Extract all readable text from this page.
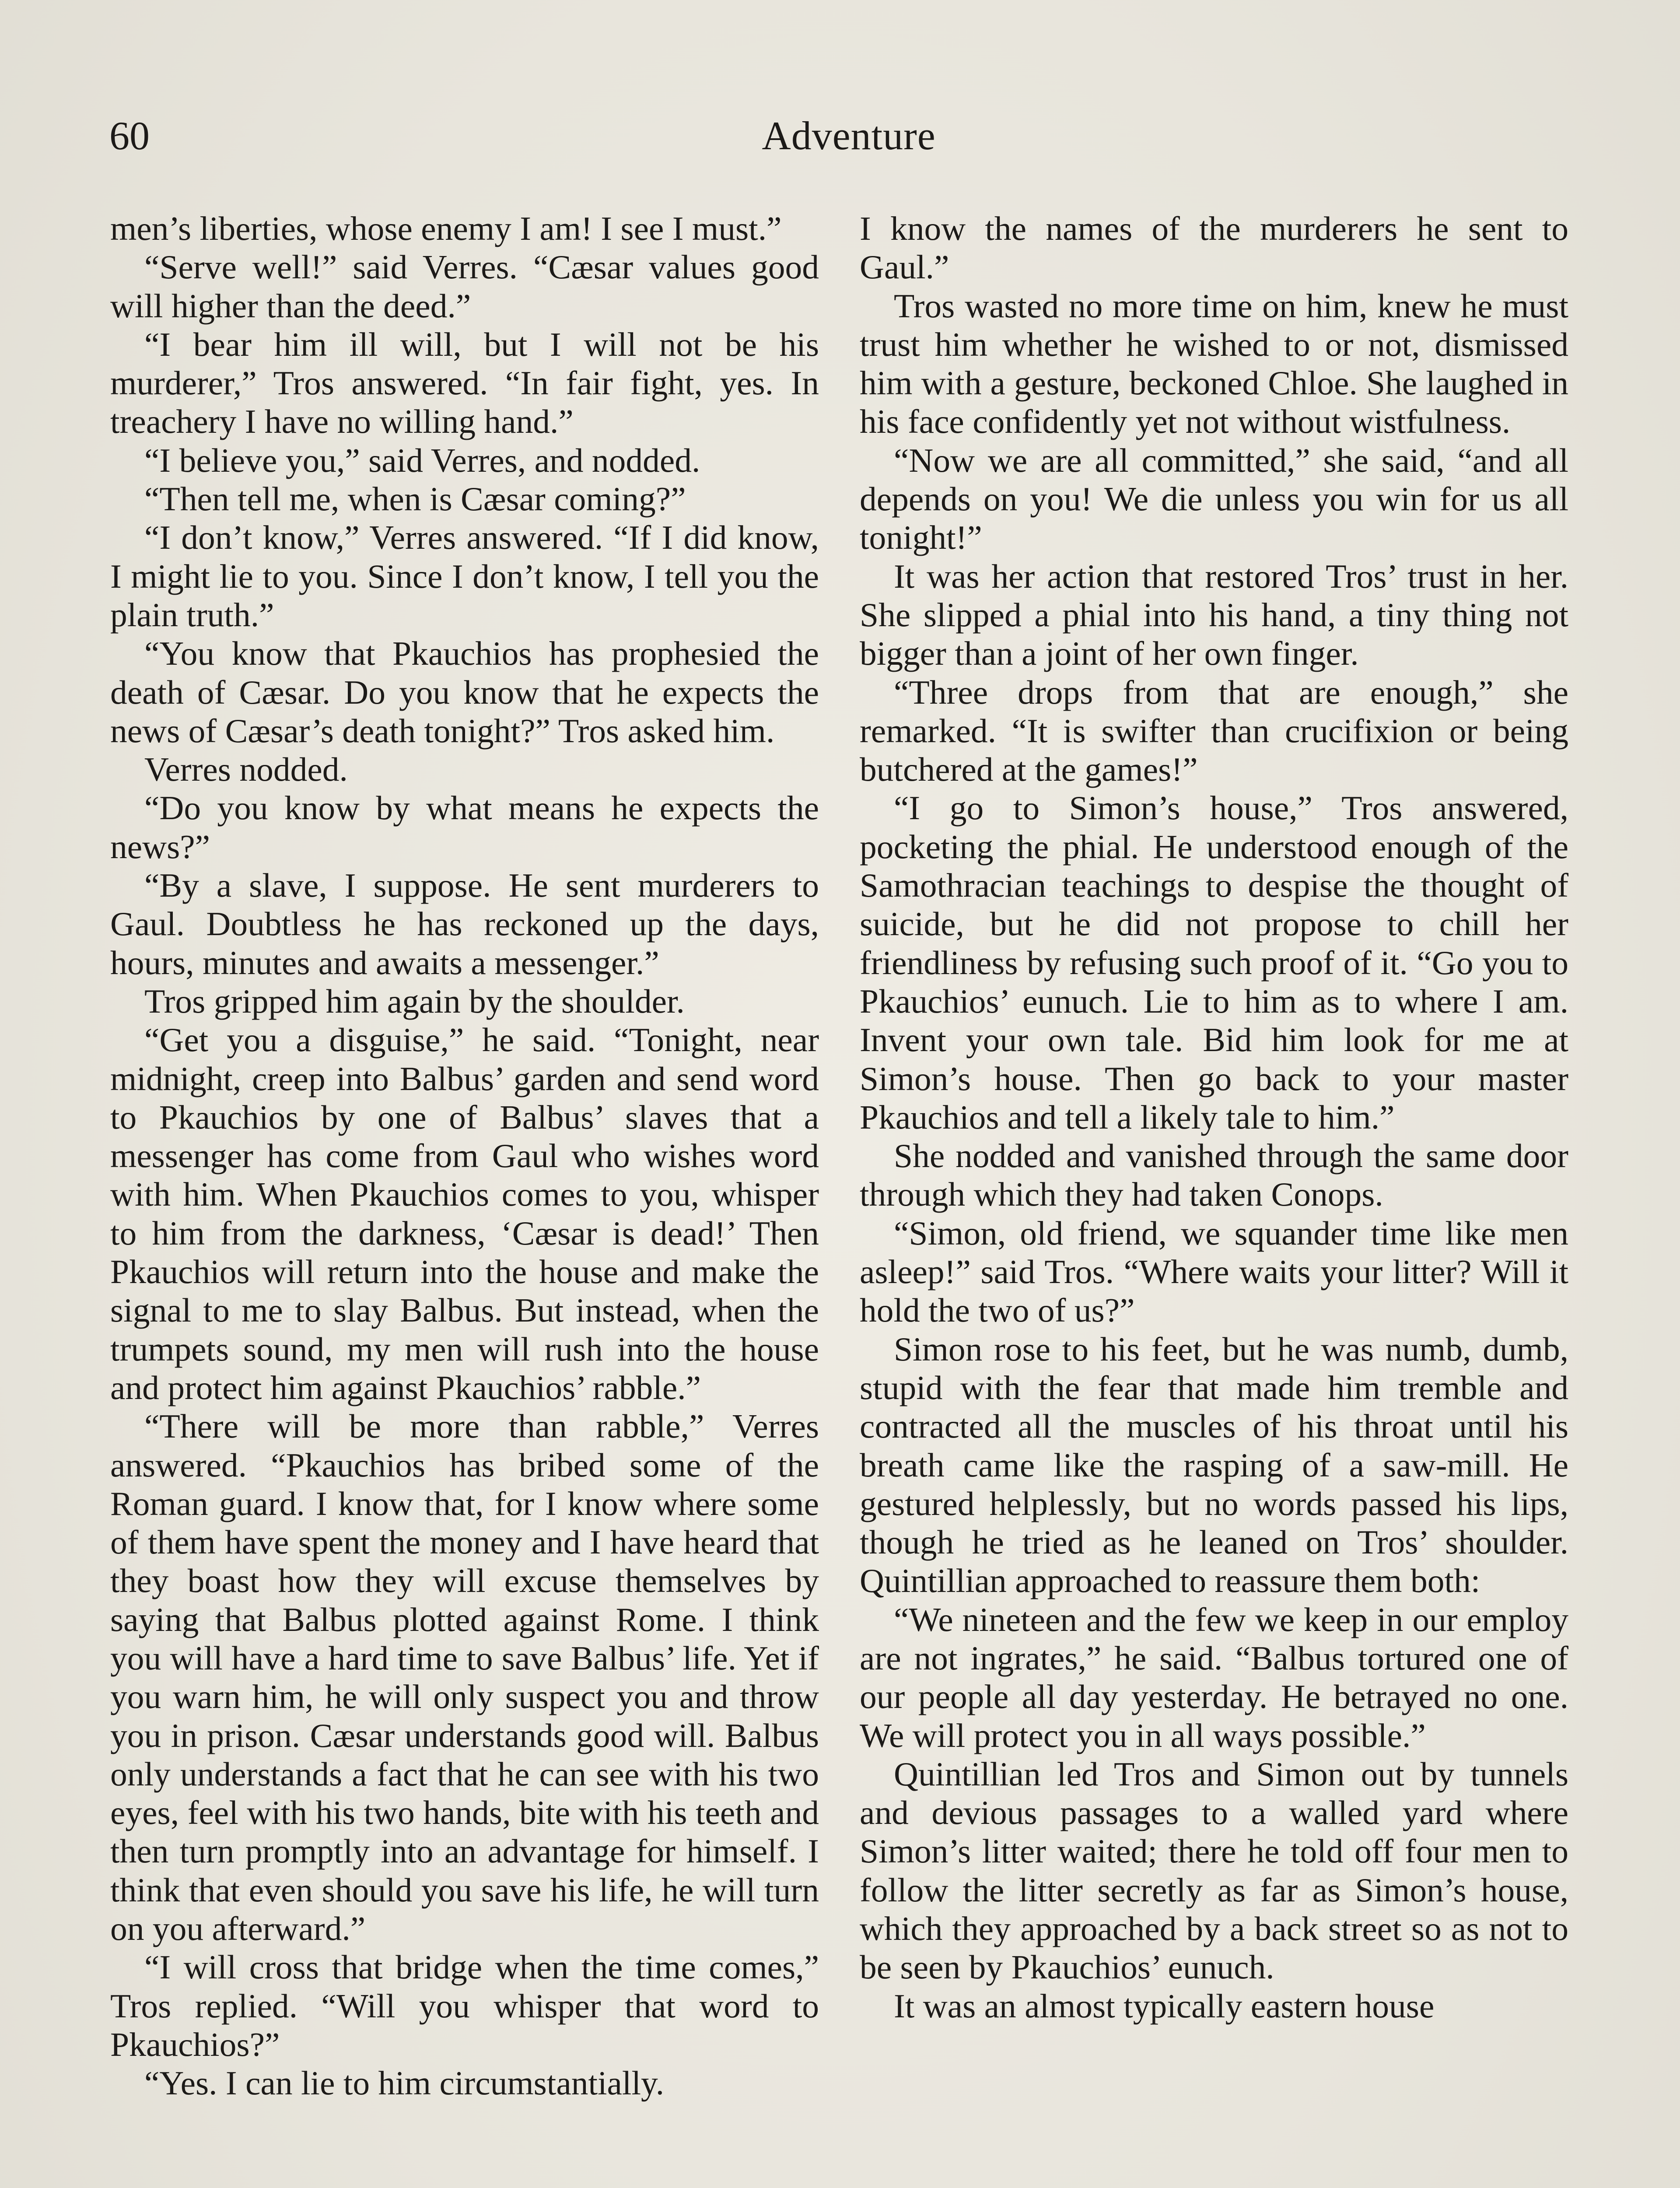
60	Adventure

men’s liberties, whose enemy I am! I see I must.”

“Serve well!” said Verres. “Cæsar values good will higher than the deed.”

“I bear him ill will, but I will not be his murderer,” Tros answered. “In fair fight, yes. In treachery I have no willing hand.”

“I believe you,” said Verres, and nodded.

“Then tell me, when is Cæsar coming?”

“I don’t know,” Verres answered. “If I did know, I might lie to you. Since I don’t know, I tell you the plain truth.”

“You know that Pkauchios has prophesied the death of Cæsar. Do you know that he expects the news of Cæsar’s death tonight?” Tros asked him.

Verres nodded.

“Do you know by what means he expects the news?”

“By a slave, I suppose. He sent murderers to Gaul. Doubtless he has reckoned up the days, hours, minutes and awaits a messenger.”

Tros gripped him again by the shoulder.

“Get you a disguise,” he said. “Tonight, near midnight, creep into Balbus’ garden and send word to Pkauchios by one of Balbus’ slaves that a messenger has come from Gaul who wishes word with him. When Pkauchios comes to you, whisper to him from the darkness, ‘Cæsar is dead!’ Then Pkauchios will return into the house and make the signal to me to slay Balbus. But instead, when the trumpets sound, my men will rush into the house and protect him against Pkauchios’ rabble.”

“There will be more than rabble,” Verres answered. “Pkauchios has bribed some of the Roman guard. I know that, for I know where some of them have spent the money and I have heard that they boast how they will excuse themselves by saying that Balbus plotted against Rome. I think you will have a hard time to save Balbus’ life. Yet if you warn him, he will only suspect you and throw you in prison. Cæsar understands good will. Balbus only understands a fact that he can see with his two eyes, feel with his two hands, bite with his teeth and then turn promptly into an advantage for himself. I think that even should you save his life, he will turn on you afterward.”

“I will cross that bridge when the time comes,” Tros replied. “Will you whisper that word to Pkauchios?”

“Yes. I can lie to him circumstantially.

I know the names of the murderers he sent to Gaul.”

Tros wasted no more time on him, knew he must trust him whether he wished to or not, dismissed him with a gesture, beckoned Chloe. She laughed in his face confidently yet not without wistfulness.

“Now we are all committed,” she said, “and all depends on you! We die unless you win for us all tonight!”

It was her action that restored Tros’ trust in her. She slipped a phial into his hand, a tiny thing not bigger than a joint of her own finger.

“Three drops from that are enough,” she remarked. “It is swifter than crucifixion or being butchered at the games!”

“I go to Simon’s house,” Tros answered, pocketing the phial. He understood enough of the Samothracian teachings to despise the thought of suicide, but he did not propose to chill her friendliness by refusing such proof of it. “Go you to Pkauchios’ eunuch. Lie to him as to where I am. Invent your own tale. Bid him look for me at Simon’s house. Then go back to your master Pkauchios and tell a likely tale to him.”

She nodded and vanished through the same door through which they had taken Conops.

“Simon, old friend, we squander time like men asleep!” said Tros. “Where waits your litter? Will it hold the two of us?”

Simon rose to his feet, but he was numb, dumb, stupid with the fear that made him tremble and contracted all the muscles of his throat until his breath came like the rasping of a saw-mill. He gestured helplessly, but no words passed his lips, though he tried as he leaned on Tros’ shoulder. Quintillian approached to reassure them both:

“We nineteen and the few we keep in our employ are not ingrates,” he said. “Balbus tortured one of our people all day yesterday. He betrayed no one. We will protect you in all ways possible.”

Quintillian led Tros and Simon out by tunnels and devious passages to a walled yard where Simon’s litter waited; there he told off four men to follow the litter secretly as far as Simon’s house, which they approached by a back street so as not to be seen by Pkauchios’ eunuch.

It was an almost typically eastern house
